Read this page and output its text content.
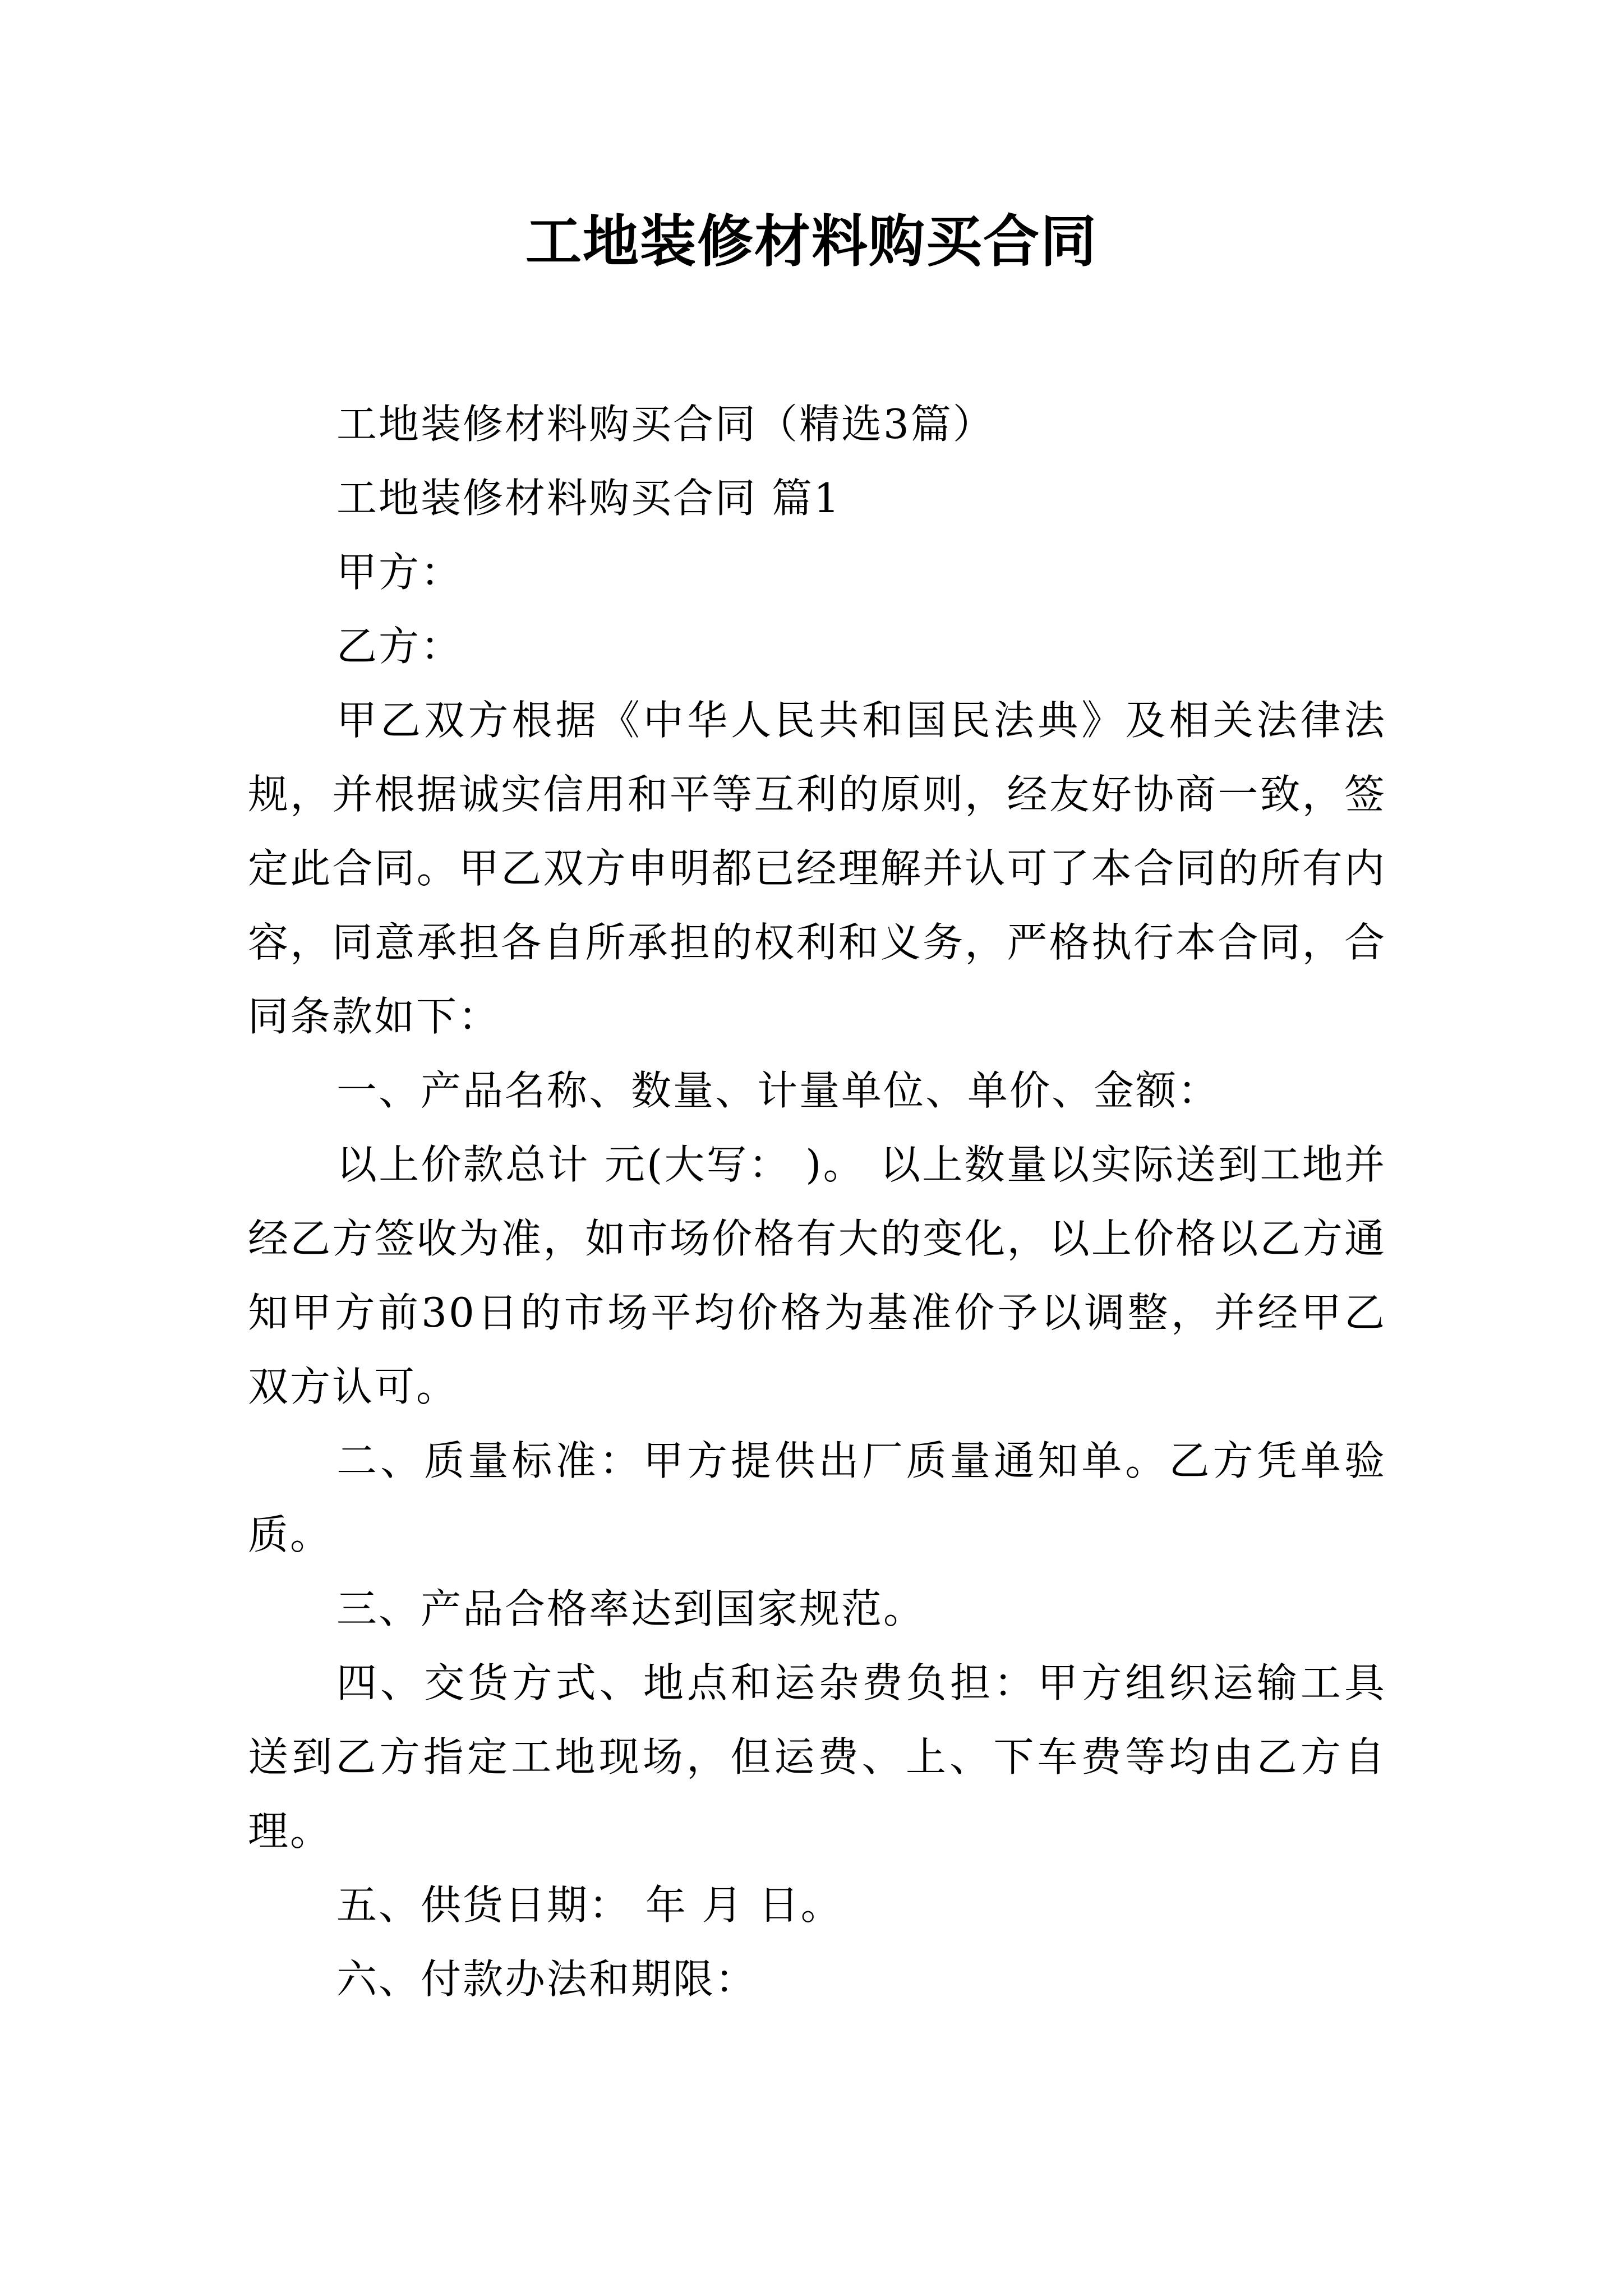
工地装修材料购买合同

工地装修材料购买合同（精选3篇）

工地装修材料购买合同 篇1

甲方：

乙方：

甲乙双方根据《中华人民共和国民法典》及相关法律法规，并根据诚实信用和平等互利的原则，经友好协商一致，签定此合同。甲乙双方申明都已经理解并认可了本合同的所有内容，同意承担各自所承担的权利和义务，严格执行本合同，合同条款如下：

一、产品名称、数量、计量单位、单价、金额：

以上价款总计 元(大写： )。 以上数量以实际送到工地并经乙方签收为准，如市场价格有大的变化，以上价格以乙方通知甲方前30日的市场平均价格为基准价予以调整，并经甲乙双方认可。

二、质量标准：甲方提供出厂质量通知单。乙方凭单验质。

三、产品合格率达到国家规范。

四、交货方式、地点和运杂费负担：甲方组织运输工具送到乙方指定工地现场，但运费、上、下车费等均由乙方自理。

五、供货日期： 年 月 日。

六、付款办法和期限：
